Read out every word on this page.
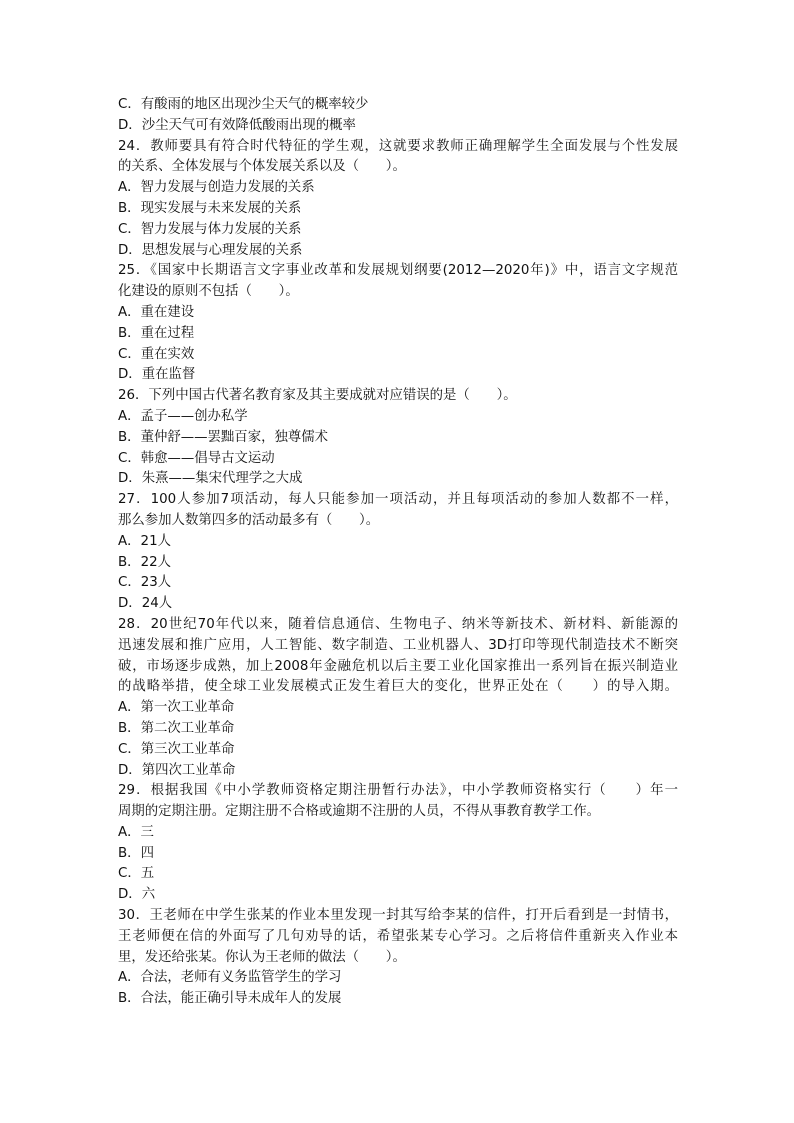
C．有酸雨的地区出现沙尘天气的概率较少
D．沙尘天气可有效降低酸雨出现的概率
24．教师要具有符合时代特征的学生观，这就要求教师正确理解学生全面发展与个性发展
的关系、全体发展与个体发展关系以及（　　）。
A．智力发展与创造力发展的关系
B．现实发展与未来发展的关系
C．智力发展与体力发展的关系
D．思想发展与心理发展的关系
25．《国家中长期语言文字事业改革和发展规划纲要(2012—2020年)》中，语言文字规范
化建设的原则不包括（　　）。
A．重在建设
B．重在过程
C．重在实效
D．重在监督
26．下列中国古代著名教育家及其主要成就对应错误的是（　　）。
A．孟子——创办私学
B．董仲舒——罢黜百家，独尊儒术
C．韩愈——倡导古文运动
D．朱熹——集宋代理学之大成
27．100人参加7项活动，每人只能参加一项活动，并且每项活动的参加人数都不一样，
那么参加人数第四多的活动最多有（　　）。
A．21人
B．22人
C．23人
D．24人
28．20世纪70年代以来，随着信息通信、生物电子、纳米等新技术、新材料、新能源的
迅速发展和推广应用，人工智能、数字制造、工业机器人、3D打印等现代制造技术不断突
破，市场逐步成熟，加上2008年金融危机以后主要工业化国家推出一系列旨在振兴制造业
的战略举措，使全球工业发展模式正发生着巨大的变化，世界正处在（　　）的导入期。
A．第一次工业革命
B．第二次工业革命
C．第三次工业革命
D．第四次工业革命
29．根据我国《中小学教师资格定期注册暂行办法》，中小学教师资格实行（　　）年一
周期的定期注册。定期注册不合格或逾期不注册的人员，不得从事教育教学工作。
A．三
B．四
C．五
D．六
30．王老师在中学生张某的作业本里发现一封其写给李某的信件，打开后看到是一封情书，
王老师便在信的外面写了几句劝导的话，希望张某专心学习。之后将信件重新夹入作业本
里，发还给张某。你认为王老师的做法（　　）。
A．合法，老师有义务监管学生的学习
B．合法，能正确引导未成年人的发展
